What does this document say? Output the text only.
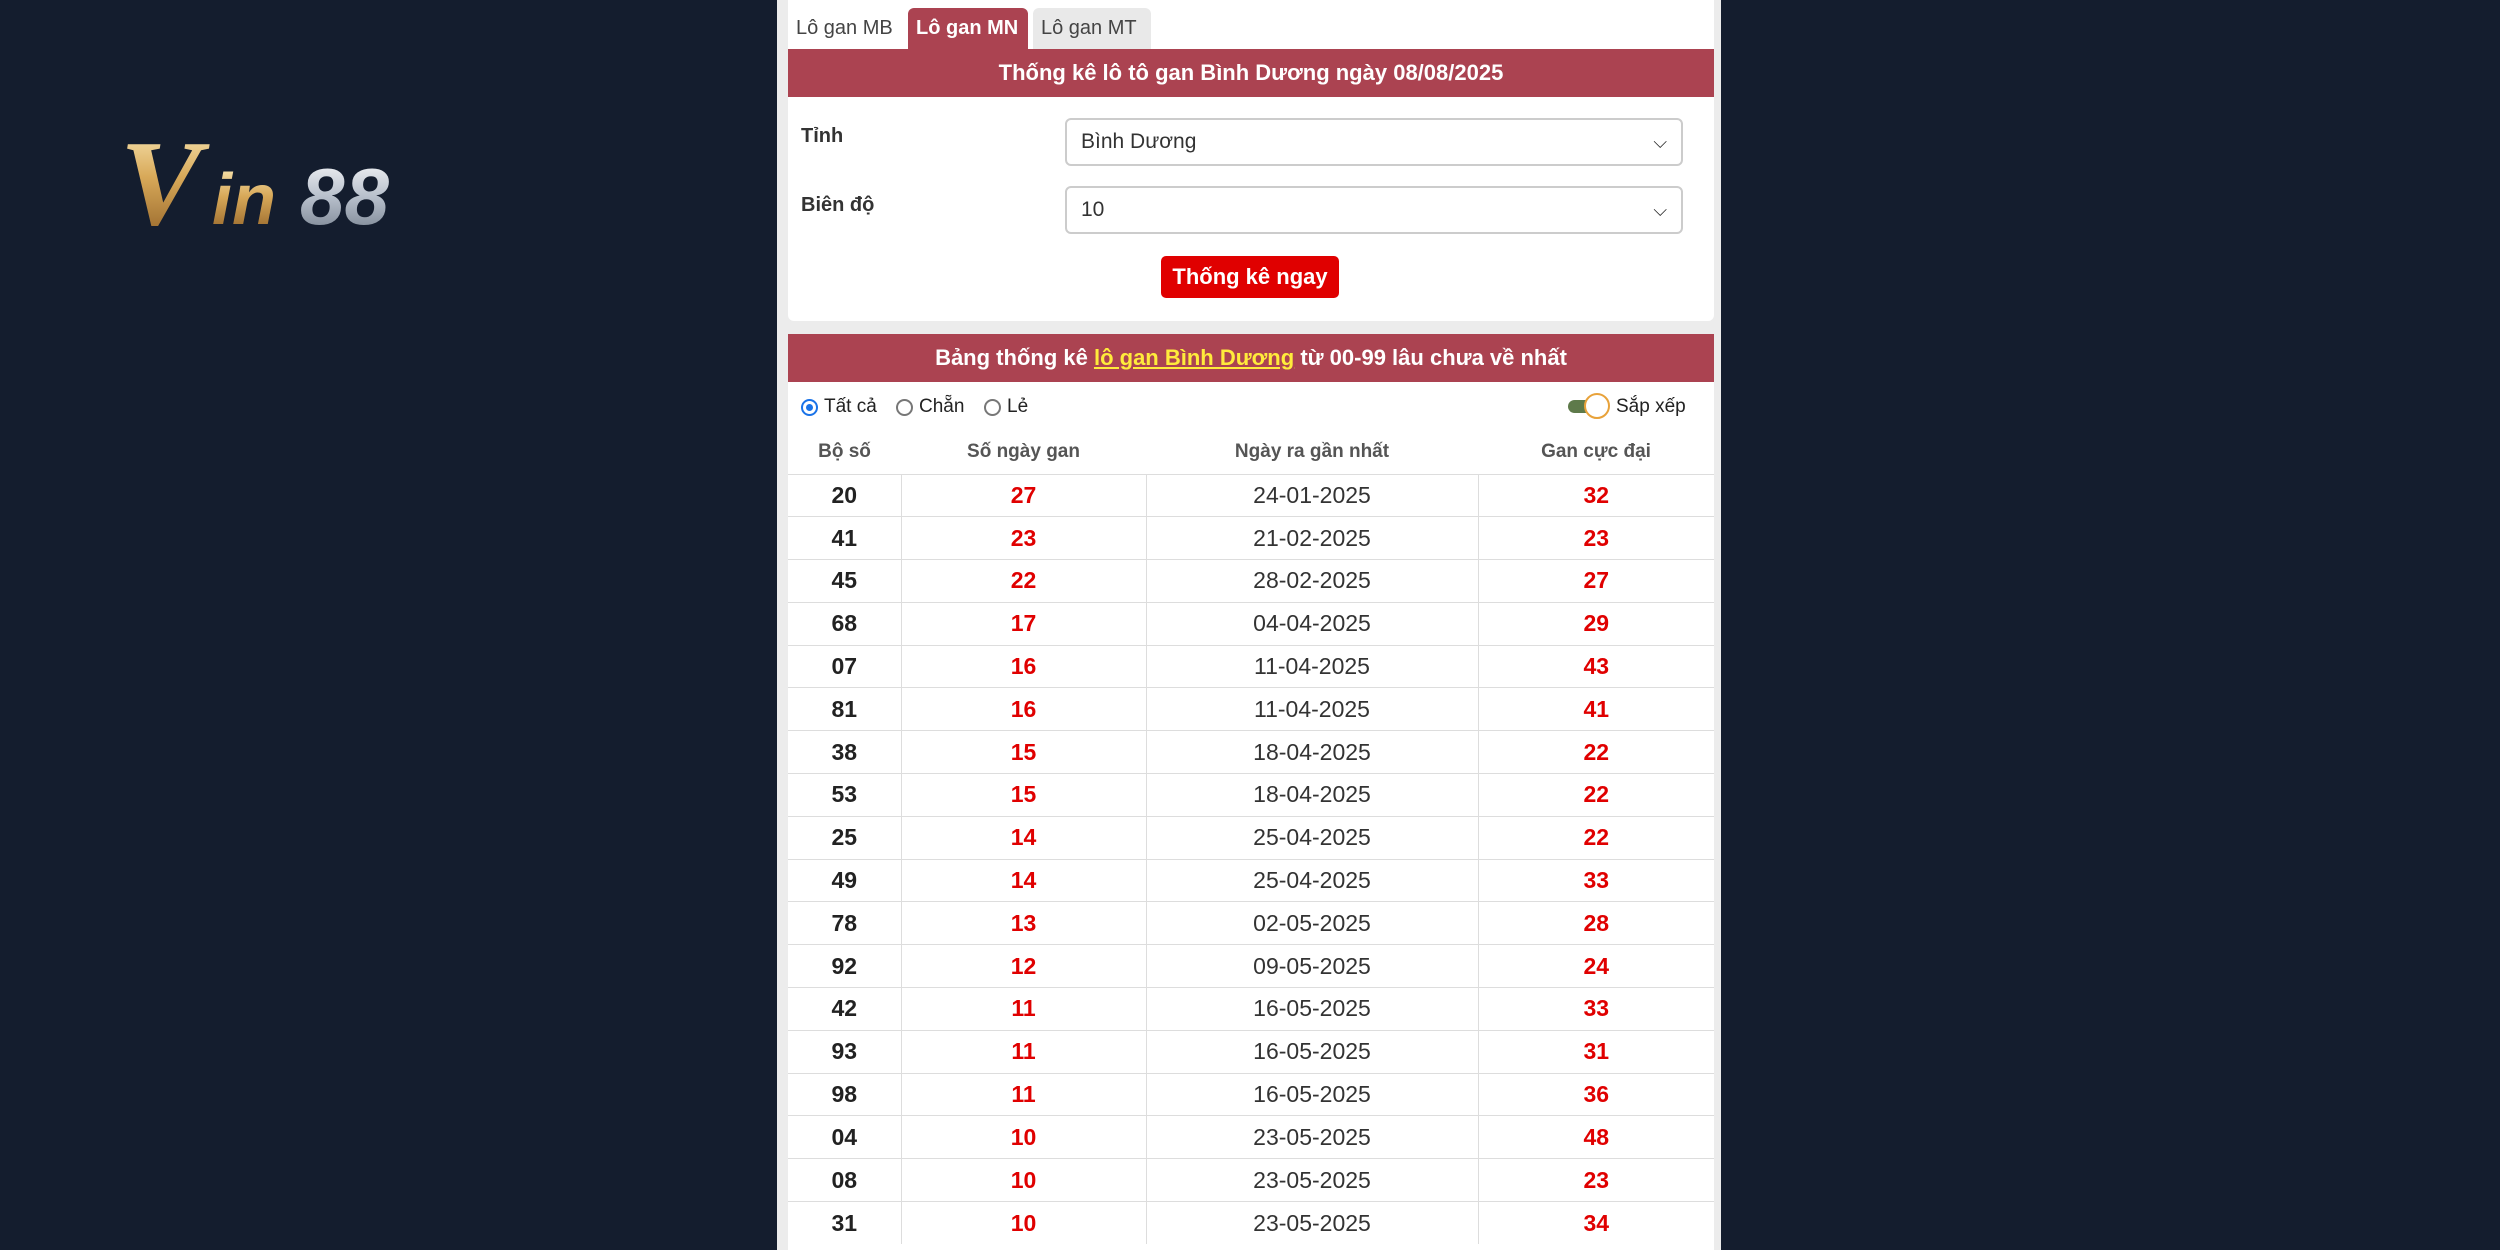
V in 88
Lô gan MB	Lô gan MN	Lô gan MT
Thống kê lô tô gan Bình Dương ngày 08/08/2025
Tỉnh	Bình Dương	⌵
Biên độ	10	⌵
Thống kê ngay
Bảng thống kê lô gan Bình Dương từ 00-99 lâu chưa về nhất
Tất cả Chẵn Lẻ	Sắp xếp
Bộ số	Số ngày gan	Ngày ra gần nhất	Gan cực đại
20	27	24-01-2025	32
41	23	21-02-2025	23
45	22	28-02-2025	27
68	17	04-04-2025	29
07	16	11-04-2025	43
81	16	11-04-2025	41
38	15	18-04-2025	22
53	15	18-04-2025	22
25	14	25-04-2025	22
49	14	25-04-2025	33
78	13	02-05-2025	28
92	12	09-05-2025	24
42	11	16-05-2025	33
93	11	16-05-2025	31
98	11	16-05-2025	36
04	10	23-05-2025	48
08	10	23-05-2025	23
31	10	23-05-2025	34
